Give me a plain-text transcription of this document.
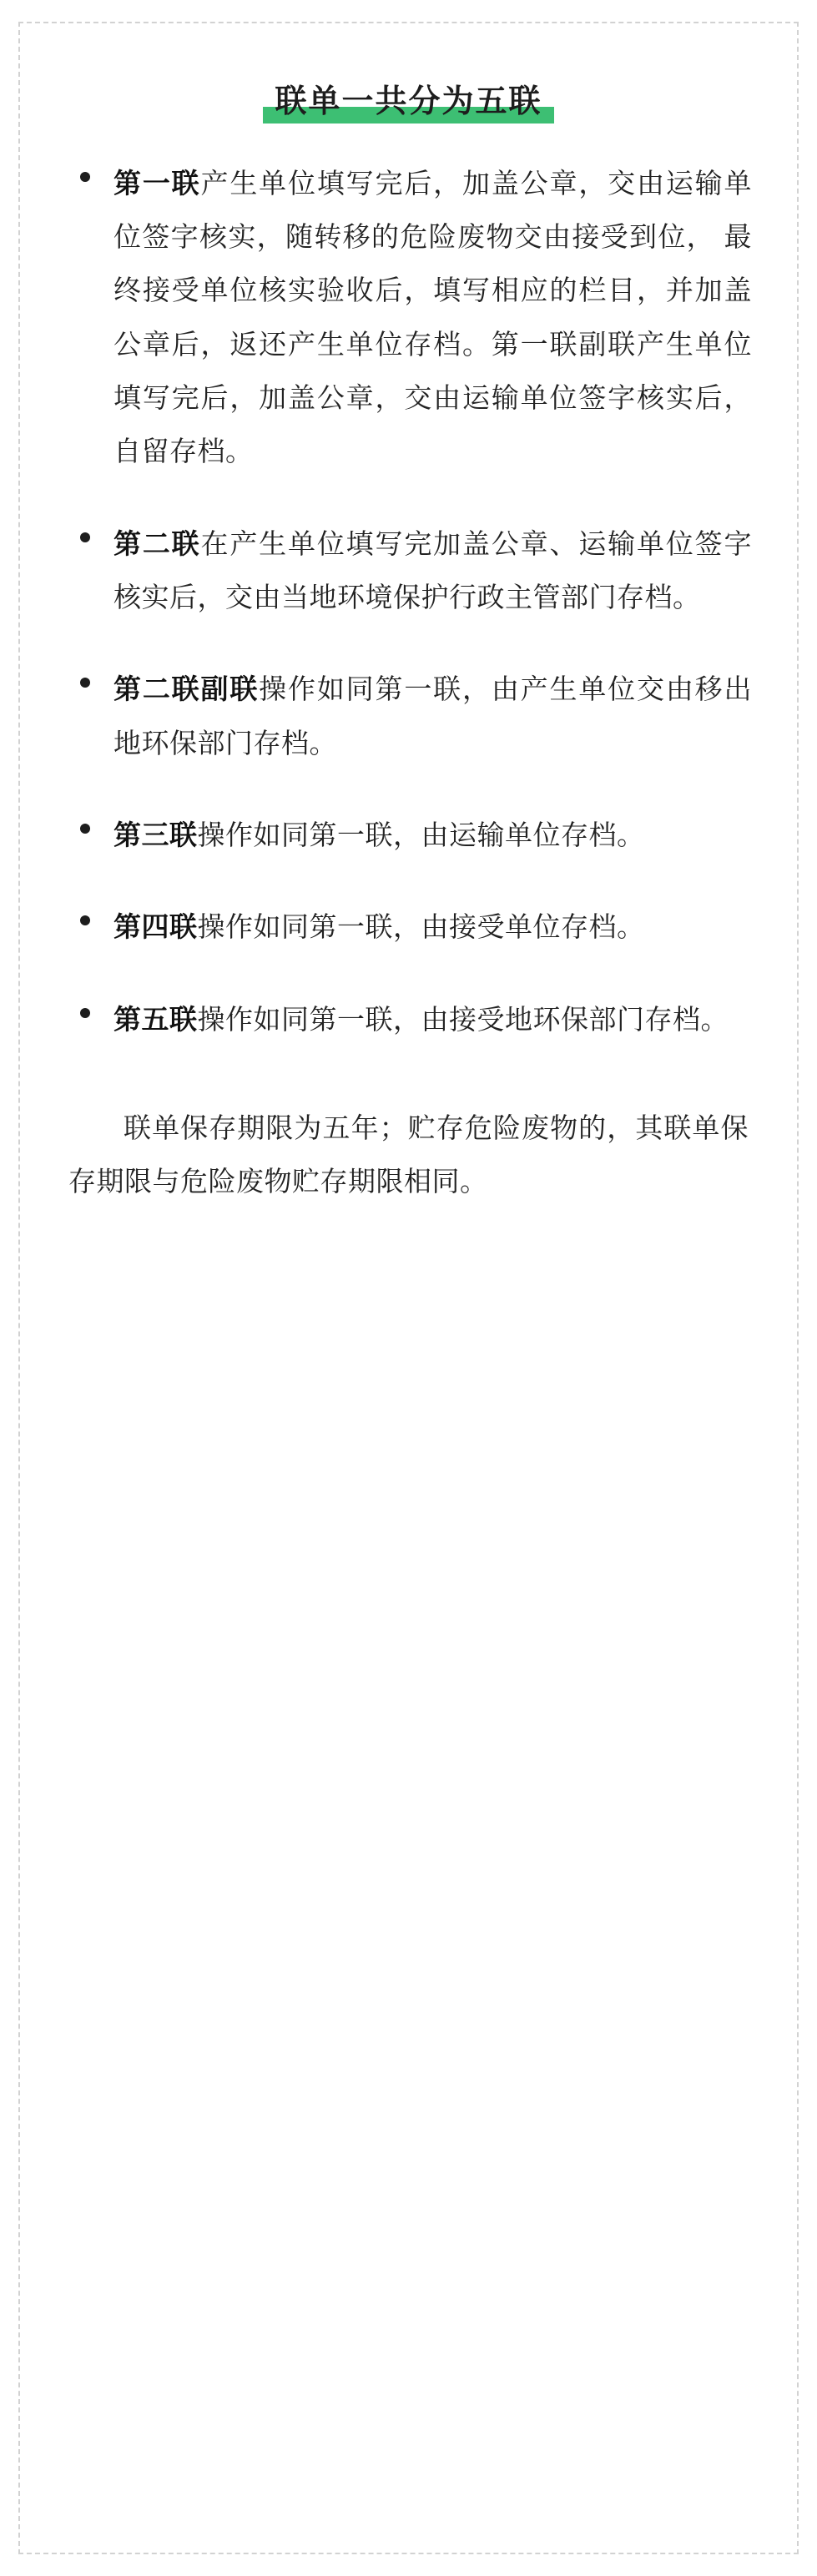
联单一共分为五联

第一联产生单位填写完后，加盖公章，交由运输单位签字核实，随转移的危险废物交由接受到位， 最终接受单位核实验收后，填写相应的栏目，并加盖公章后，返还产生单位存档。第一联副联产生单位填写完后，加盖公章，交由运输单位签字核实后，自留存档。

第二联在产生单位填写完加盖公章、运输单位签字核实后，交由当地环境保护行政主管部门存档。

第二联副联操作如同第一联，由产生单位交由移出地环保部门存档。

第三联操作如同第一联，由运输单位存档。

第四联操作如同第一联，由接受单位存档。

第五联操作如同第一联，由接受地环保部门存档。

联单保存期限为五年；贮存危险废物的，其联单保存期限与危险废物贮存期限相同。
